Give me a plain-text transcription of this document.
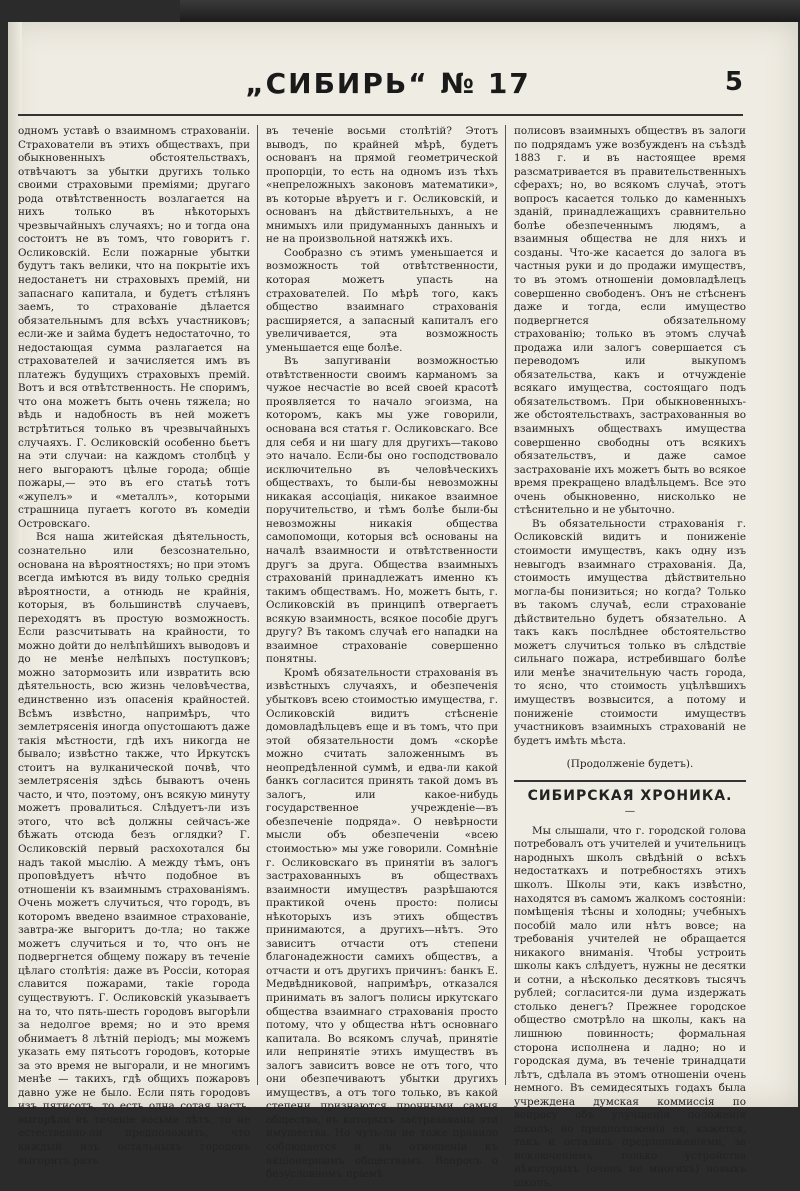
„СИБИРЬ“ № 17	5

одномъ уставѣ о взаимномъ страхованіи. Страхователи въ этихъ обществахъ, при обыкновенныхъ обстоятельствахъ, отвѣчаютъ за убытки другихъ только своими страховыми преміями; другаго рода отвѣтственность возлагается на нихъ только въ нѣкоторыхъ чрезвычайныхъ случаяхъ; но и тогда она состоитъ не въ томъ, что говоритъ г. Осликовскій. Если пожарные убытки будутъ такъ велики, что на покрытіе ихъ недостанетъ ни страховыхъ премій, ни запаснаго капитала, и будетъ стѣлянъ заемъ, то страхованіе дѣлается обязательнымъ для всѣхъ участниковъ; если-же и займа будетъ недостаточно, то недостающая сумма разлагается на страхователей и зачисляется имъ въ платежъ будущихъ страховыхъ премій. Вотъ и вся отвѣтственность. Не споримъ, что она можетъ быть очень тяжела; но вѣдь и надобность въ ней можетъ встрѣтиться только въ чрезвычайныхъ случаяхъ. Г. Осликовскій особенно бьетъ на эти случаи: на каждомъ столбцѣ у него выгораютъ цѣлые города; общіе пожары,— это въ его статьѣ тотъ «жупелъ» и «металлъ», которыми страшница пугаетъ когото въ комедіи Островскаго.

Вся наша житейская дѣятельность, сознательно или безсознательно, основана на вѣроятностяхъ; но при этомъ всегда имѣются въ виду только среднія вѣроятности, а отнюдь не крайнія, которыя, въ большинствѣ случаевъ, переходятъ въ простую возможность. Если разсчитывать на крайности, то можно дойти до нелѣпѣйшихъ выводовъ и до не менѣе нелѣпыхъ поступковъ; можно затормозить или извратить всю дѣятельность, всю жизнь человѣчества, единственно изъ опасенія крайностей. Всѣмъ извѣстно, напримѣръ, что землетрясенія иногда опустошаютъ даже такія мѣстности, гдѣ ихъ никогда не бывало; извѣстно также, что Иркутскъ стоитъ на вулканической почвѣ, что землетрясенія здѣсь бываютъ очень часто, и что, поэтому, онъ всякую минуту можетъ провалиться. Слѣдуетъ-ли изъ этого, что всѣ должны сейчасъ-же бѣжать отсюда безъ оглядки? Г. Осликовскій первый расхохотался бы надъ такой мыслію. А между тѣмъ, онъ проповѣдуетъ нѣчто подобное въ отношеніи къ взаимнымъ страхованіямъ. Очень можетъ случиться, что городъ, въ которомъ введено взаимное страхованіе, завтра-же выгоритъ до-тла; но также можетъ случиться и то, что онъ не подвергнется общему пожару въ теченіе цѣлаго столѣтія: даже въ Россіи, которая славится пожарами, такіе города существуютъ. Г. Осликовскій указываетъ на то, что пять-шесть городовъ выгорѣли за недолгое время; но и это время обнимаетъ 8 лѣтній періодъ; мы можемъ указать ему пятьсотъ городовъ, которые за это время не выгорали, и не многимъ менѣе — такихъ, гдѣ общихъ пожаровъ давно уже не было. Если пять городовъ изъ пятисотъ, то есть одна сотая часть, выгорѣли въ теченіе восьми лѣтъ, то не естественно-ли предположить, что каждый изъ остальныхъ городовъ выгоритъ разъ

въ теченіе восьми столѣтій? Этотъ выводъ, по крайней мѣрѣ, будетъ основанъ на прямой геометрической пропорціи, то есть на одномъ изъ тѣхъ «непреложныхъ законовъ математики», въ которые вѣруетъ и г. Осликовскій, и основанъ на дѣйствительныхъ, а не мнимыхъ или придуманныхъ данныхъ и не на произвольной натяжкѣ ихъ.

Сообразно съ этимъ уменьшается и возможность той отвѣтственности, которая можетъ упасть на страхователей. По мѣрѣ того, какъ общество взаимнаго страхованія расширяется, а запасный капиталъ его увеличивается, эта возможность уменьшается еще болѣе.

Въ запугиваніи возможностью отвѣтственности своимъ карманомъ за чужое несчастіе во всей своей красотѣ проявляется то начало эгоизма, на которомъ, какъ мы уже говорили, основана вся статья г. Осликовскаго. Все для себя и ни шагу для другихъ—таково это начало. Если-бы оно господствовало исключительно въ человѣческихъ обществахъ, то были-бы невозможны никакая ассоціація, никакое взаимное поручительство, и тѣмъ болѣе были-бы невозможны никакія общества самопомощи, которыя всѣ основаны на началѣ взаимности и отвѣтственности другъ за друга. Общества взаимныхъ страхованій принадлежатъ именно къ такимъ обществамъ. Но, можетъ быть, г. Осликовскій въ принципѣ отвергаетъ всякую взаимность, всякое пособіе другъ другу? Въ такомъ случаѣ его нападки на взаимное страхованіе совершенно понятны.

Кромѣ обязательности страхованія въ извѣстныхъ случаяхъ, и обезпеченія убытковъ всею стоимостью имущества, г. Осликовскій видитъ стѣсненіе домовладѣльцевъ еще и въ томъ, что при этой обязательности домъ «скорѣе можно считать заложеннымъ въ неопредѣленной суммѣ, и едва-ли какой банкъ согласится принять такой домъ въ залогъ, или какое-нибудь государственное учрежденіе—въ обезпеченіе подряда». О невѣрности мысли объ обезпеченіи «всею стоимостью» мы уже говорили. Сомнѣніе г. Осликовскаго въ принятіи въ залогъ застрахованныхъ въ обществахъ взаимности имуществъ разрѣшаются практикой очень просто: полисы нѣкоторыхъ изъ этихъ обществъ принимаются, а другихъ—нѣтъ. Это зависитъ отчасти отъ степени благонадежности самихъ обществъ, а отчасти и отъ другихъ причинъ: банкъ Е. Медвѣдниковой, напримѣръ, отказался принимать въ залогъ полисы иркутскаго общества взаимнаго страхованія просто потому, что у общества нѣтъ основнаго капитала. Во всякомъ случаѣ, принятіе или непринятіе этихъ имуществъ въ залогъ зависитъ вовсе не отъ того, что они обезпечиваютъ убытки другихъ имуществъ, а отъ того только, въ какой степени признаются прочными самыя общества, въ которыхъ застрахованы эти имущества. Но чуть-ли не тоже правило соблюдается и въ отношеніи къ акціонернымъ обществамъ. Вопросъ о безусловномъ пріемѣ

полисовъ взаимныхъ обществъ въ залоги по подрядамъ уже возбужденъ на съѣздѣ 1883 г. и въ настоящее время разсматривается въ правительственныхъ сферахъ; но, во всякомъ случаѣ, этотъ вопросъ касается только до каменныхъ зданій, принадлежащихъ сравнительно болѣе обезпеченнымъ людямъ, а взаимныя общества не для нихъ и созданы. Что-же касается до залога въ частныя руки и до продажи имуществъ, то въ этомъ отношеніи домовладѣлецъ совершенно свободенъ. Онъ не стѣсненъ даже и тогда, если имущество подвергнется обязательному страхованію; только въ этомъ случаѣ продажа или залогъ совершается съ переводомъ или выкупомъ обязательства, какъ и отчужденіе всякаго имущества, состоящаго подъ обязательствомъ. При обыкновенныхъ-же обстоятельствахъ, застрахованныя во взаимныхъ обществахъ имущества совершенно свободны отъ всякихъ обязательствъ, и даже самое застрахованіе ихъ можетъ быть во всякое время прекращено владѣльцемъ. Все это очень обыкновенно, нисколько не стѣснительно и не убыточно.

Въ обязательности страхованія г. Осликовскій видитъ и пониженіе стоимости имуществъ, какъ одну изъ невыгодъ взаимнаго страхованія. Да, стоимость имущества дѣйствительно могла-бы понизиться; но когда? Только въ такомъ случаѣ, если страхованіе дѣйствительно будетъ обязательно. А такъ какъ послѣднее обстоятельство можетъ случиться только въ слѣдствіе сильнаго пожара, истребившаго болѣе или менѣе значительную часть города, то ясно, что стоимость уцѣлѣвшихъ имуществъ возвысится, а потому и пониженіе стоимости имуществъ участниковъ взаимныхъ страхованій не будетъ имѣть мѣста.

(Продолженіе будетъ).
СИБИРСКАЯ ХРОНИКА.
—

Мы слышали, что г. городской голова потребовалъ отъ учителей и учительницъ народныхъ школъ свѣдѣній о всѣхъ недостаткахъ и потребностяхъ этихъ школъ. Школы эти, какъ извѣстно, находятся въ самомъ жалкомъ состояніи: помѣщенія тѣсны и холодны; учебныхъ пособій мало или нѣтъ вовсе; на требованія учителей не обращается никакого вниманія. Чтобы устроить школы какъ слѣдуетъ, нужны не десятки и сотни, а нѣсколько десятковъ тысячъ рублей; согласится-ли дума издержать столько денегъ? Прежнее городское общество смотрѣло на школы, какъ на лишнюю повинность; формальная сторона исполнена и ладно; но и городская дума, въ теченіе тринадцати лѣтъ, сдѣлала въ этомъ отношеніи очень немного. Въ семидесятыхъ годахъ была учреждена думская коммиссія по вопросу объ улучшеніи положенія школъ; но предположенія ея, кажется, такъ и остались предположеніями, за исключеніемъ только устройства нѣкоторыхъ (очень не многихъ) новыхъ школъ.
